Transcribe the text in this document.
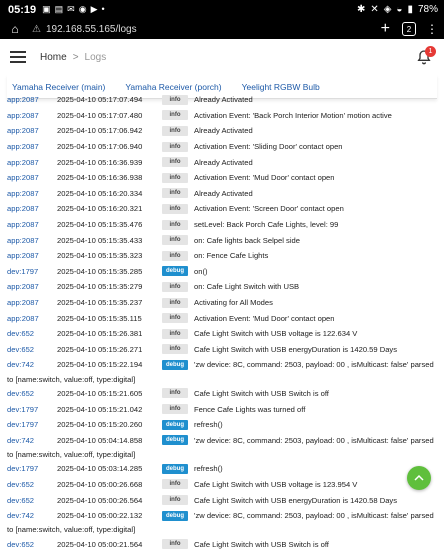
05:19 ▣ ▤ ✉ ◉ ▶ •	✱ ✕ ◈ ◒ ▮ 78%
⌂	⚠ 192.168.55.165/logs	+ 2 ⋮
Home > Logs	1
Yamaha Receiver (main) Yamaha Receiver (porch) Yeelight RGBW Bulb
app:2087	2025-04-10 05:17:07.494	info	Already Activated
app:2087	2025-04-10 05:17:07.480	info	Activation Event: 'Back Porch Interior Motion' motion active
app:2087	2025-04-10 05:17:06.942	info	Already Activated
app:2087	2025-04-10 05:17:06.940	info	Activation Event: 'Sliding Door' contact open
app:2087	2025-04-10 05:16:36.939	info	Already Activated
app:2087	2025-04-10 05:16:36.938	info	Activation Event: 'Mud Door' contact open
app:2087	2025-04-10 05:16:20.334	info	Already Activated
app:2087	2025-04-10 05:16:20.321	info	Activation Event: 'Screen Door' contact open
app:2087	2025-04-10 05:15:35.476	info	setLevel: Back Porch Cafe Lights, level: 99
app:2087	2025-04-10 05:15:35.433	info	on: Cafe lights back Selpel side
app:2087	2025-04-10 05:15:35.323	info	on: Fence Cafe Lights
dev:1797	2025-04-10 05:15:35.285	debug	on()
app:2087	2025-04-10 05:15:35:279	info	on: Cafe Light Switch with USB
app:2087	2025-04-10 05:15:35.237	info	Activating for All Modes
app:2087	2025-04-10 05:15:35.115	info	Activation Event: 'Mud Door' contact open
dev:652	2025-04-10 05:15:26.381	info	Cafe Light Switch with USB voltage is 122.634 V
dev:652	2025-04-10 05:15:26.271	info	Cafe Light Switch with USB energyDuration is 1420.59 Days
dev:742	2025-04-10 05:15:22.194	debug	'zw device: 8C, command: 2503, payload: 00 , isMulticast: false' parsed
to [name:switch, value:off, type:digital]
dev:652	2025-04-10 05:15:21.605	info	Cafe Light Switch with USB Switch is off
dev:1797	2025-04-10 05:15:21.042	info	Fence Cafe Lights was turned off
dev:1797	2025-04-10 05:15:20.260	debug	refresh()
dev:742	2025-04-10 05:04:14.858	debug	'zw device: 8C, command: 2503, payload: 00 , isMulticast: false' parsed
to [name:switch, value:off, type:digital]
dev:1797	2025-04-10 05:03:14.285	debug	refresh()
dev:652	2025-04-10 05:00:26.668	info	Cafe Light Switch with USB voltage is 123.954 V
dev:652	2025-04-10 05:00:26.564	info	Cafe Light Switch with USB energyDuration is 1420.58 Days
dev:742	2025-04-10 05:00:22.132	debug	'zw device: 8C, command: 2503, payload: 00 , isMulticast: false' parsed
to [name:switch, value:off, type:digital]
dev:652	2025-04-10 05:00:21.564	info	Cafe Light Switch with USB Switch is off
